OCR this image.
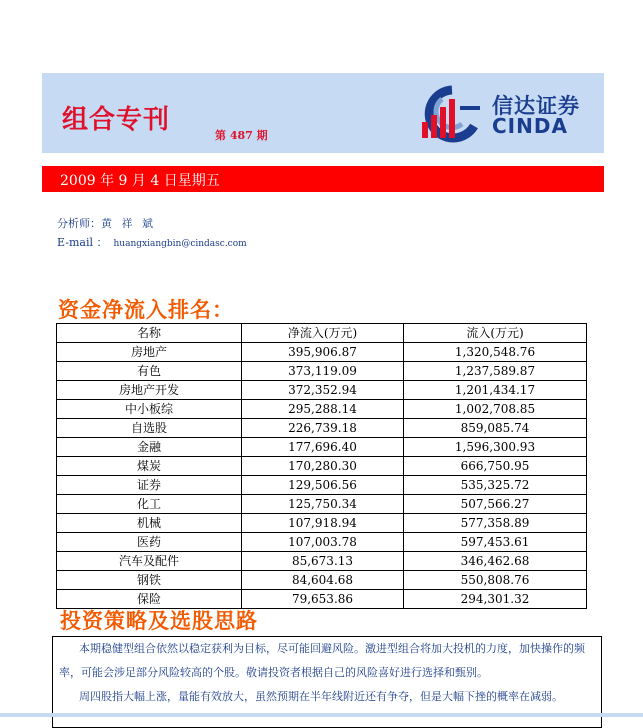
组合专刊
第 487 期
信达证券
CINDA
2009 年 9 月 4 日星期五
分析师：黄 祥 斌
E-mail ： huangxiangbin@cindasc.com
资金净流入排名：
名称	净流入(万元)	流入(万元)
房地产	395,906.87	1,320,548.76
有色	373,119.09	1,237,589.87
房地产开发	372,352.94	1,201,434.17
中小板综	295,288.14	1,002,708.85
自选股	226,739.18	859,085.74
金融	177,696.40	1,596,300.93
煤炭	170,280.30	666,750.95
证券	129,506.56	535,325.72
化工	125,750.34	507,566.27
机械	107,918.94	577,358.89
医药	107,003.78	597,453.61
汽车及配件	85,673.13	346,462.68
钢铁	84,604.68	550,808.76
保险	79,653.86	294,301.32
投资策略及选股思路

本期稳健型组合依然以稳定获利为目标，尽可能回避风险。激进型组合将加大投机的力度，加快操作的频率，可能会涉足部分风险较高的个股。敬请投资者根据自己的风险喜好进行选择和甄别。

周四股指大幅上涨，量能有效放大，虽然预期在半年线附近还有争夺，但是大幅下挫的概率在减弱。
